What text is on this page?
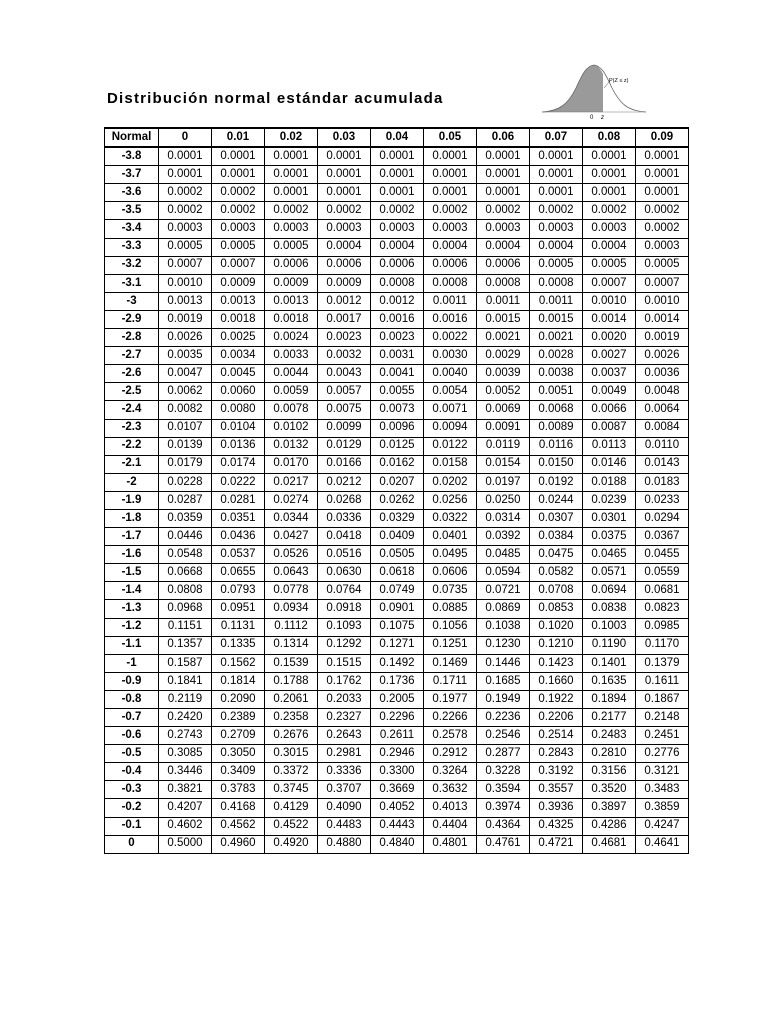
Distribución normal estándar acumulada
P(Z ≤ z)
0 z
Normal	0	0.01	0.02	0.03	0.04	0.05	0.06	0.07	0.08	0.09
-3.8	0.0001	0.0001	0.0001	0.0001	0.0001	0.0001	0.0001	0.0001	0.0001	0.0001
-3.7	0.0001	0.0001	0.0001	0.0001	0.0001	0.0001	0.0001	0.0001	0.0001	0.0001
-3.6	0.0002	0.0002	0.0001	0.0001	0.0001	0.0001	0.0001	0.0001	0.0001	0.0001
-3.5	0.0002	0.0002	0.0002	0.0002	0.0002	0.0002	0.0002	0.0002	0.0002	0.0002
-3.4	0.0003	0.0003	0.0003	0.0003	0.0003	0.0003	0.0003	0.0003	0.0003	0.0002
-3.3	0.0005	0.0005	0.0005	0.0004	0.0004	0.0004	0.0004	0.0004	0.0004	0.0003
-3.2	0.0007	0.0007	0.0006	0.0006	0.0006	0.0006	0.0006	0.0005	0.0005	0.0005
-3.1	0.0010	0.0009	0.0009	0.0009	0.0008	0.0008	0.0008	0.0008	0.0007	0.0007
-3	0.0013	0.0013	0.0013	0.0012	0.0012	0.0011	0.0011	0.0011	0.0010	0.0010
-2.9	0.0019	0.0018	0.0018	0.0017	0.0016	0.0016	0.0015	0.0015	0.0014	0.0014
-2.8	0.0026	0.0025	0.0024	0.0023	0.0023	0.0022	0.0021	0.0021	0.0020	0.0019
-2.7	0.0035	0.0034	0.0033	0.0032	0.0031	0.0030	0.0029	0.0028	0.0027	0.0026
-2.6	0.0047	0.0045	0.0044	0.0043	0.0041	0.0040	0.0039	0.0038	0.0037	0.0036
-2.5	0.0062	0.0060	0.0059	0.0057	0.0055	0.0054	0.0052	0.0051	0.0049	0.0048
-2.4	0.0082	0.0080	0.0078	0.0075	0.0073	0.0071	0.0069	0.0068	0.0066	0.0064
-2.3	0.0107	0.0104	0.0102	0.0099	0.0096	0.0094	0.0091	0.0089	0.0087	0.0084
-2.2	0.0139	0.0136	0.0132	0.0129	0.0125	0.0122	0.0119	0.0116	0.0113	0.0110
-2.1	0.0179	0.0174	0.0170	0.0166	0.0162	0.0158	0.0154	0.0150	0.0146	0.0143
-2	0.0228	0.0222	0.0217	0.0212	0.0207	0.0202	0.0197	0.0192	0.0188	0.0183
-1.9	0.0287	0.0281	0.0274	0.0268	0.0262	0.0256	0.0250	0.0244	0.0239	0.0233
-1.8	0.0359	0.0351	0.0344	0.0336	0.0329	0.0322	0.0314	0.0307	0.0301	0.0294
-1.7	0.0446	0.0436	0.0427	0.0418	0.0409	0.0401	0.0392	0.0384	0.0375	0.0367
-1.6	0.0548	0.0537	0.0526	0.0516	0.0505	0.0495	0.0485	0.0475	0.0465	0.0455
-1.5	0.0668	0.0655	0.0643	0.0630	0.0618	0.0606	0.0594	0.0582	0.0571	0.0559
-1.4	0.0808	0.0793	0.0778	0.0764	0.0749	0.0735	0.0721	0.0708	0.0694	0.0681
-1.3	0.0968	0.0951	0.0934	0.0918	0.0901	0.0885	0.0869	0.0853	0.0838	0.0823
-1.2	0.1151	0.1131	0.1112	0.1093	0.1075	0.1056	0.1038	0.1020	0.1003	0.0985
-1.1	0.1357	0.1335	0.1314	0.1292	0.1271	0.1251	0.1230	0.1210	0.1190	0.1170
-1	0.1587	0.1562	0.1539	0.1515	0.1492	0.1469	0.1446	0.1423	0.1401	0.1379
-0.9	0.1841	0.1814	0.1788	0.1762	0.1736	0.1711	0.1685	0.1660	0.1635	0.1611
-0.8	0.2119	0.2090	0.2061	0.2033	0.2005	0.1977	0.1949	0.1922	0.1894	0.1867
-0.7	0.2420	0.2389	0.2358	0.2327	0.2296	0.2266	0.2236	0.2206	0.2177	0.2148
-0.6	0.2743	0.2709	0.2676	0.2643	0.2611	0.2578	0.2546	0.2514	0.2483	0.2451
-0.5	0.3085	0.3050	0.3015	0.2981	0.2946	0.2912	0.2877	0.2843	0.2810	0.2776
-0.4	0.3446	0.3409	0.3372	0.3336	0.3300	0.3264	0.3228	0.3192	0.3156	0.3121
-0.3	0.3821	0.3783	0.3745	0.3707	0.3669	0.3632	0.3594	0.3557	0.3520	0.3483
-0.2	0.4207	0.4168	0.4129	0.4090	0.4052	0.4013	0.3974	0.3936	0.3897	0.3859
-0.1	0.4602	0.4562	0.4522	0.4483	0.4443	0.4404	0.4364	0.4325	0.4286	0.4247
0	0.5000	0.4960	0.4920	0.4880	0.4840	0.4801	0.4761	0.4721	0.4681	0.4641
